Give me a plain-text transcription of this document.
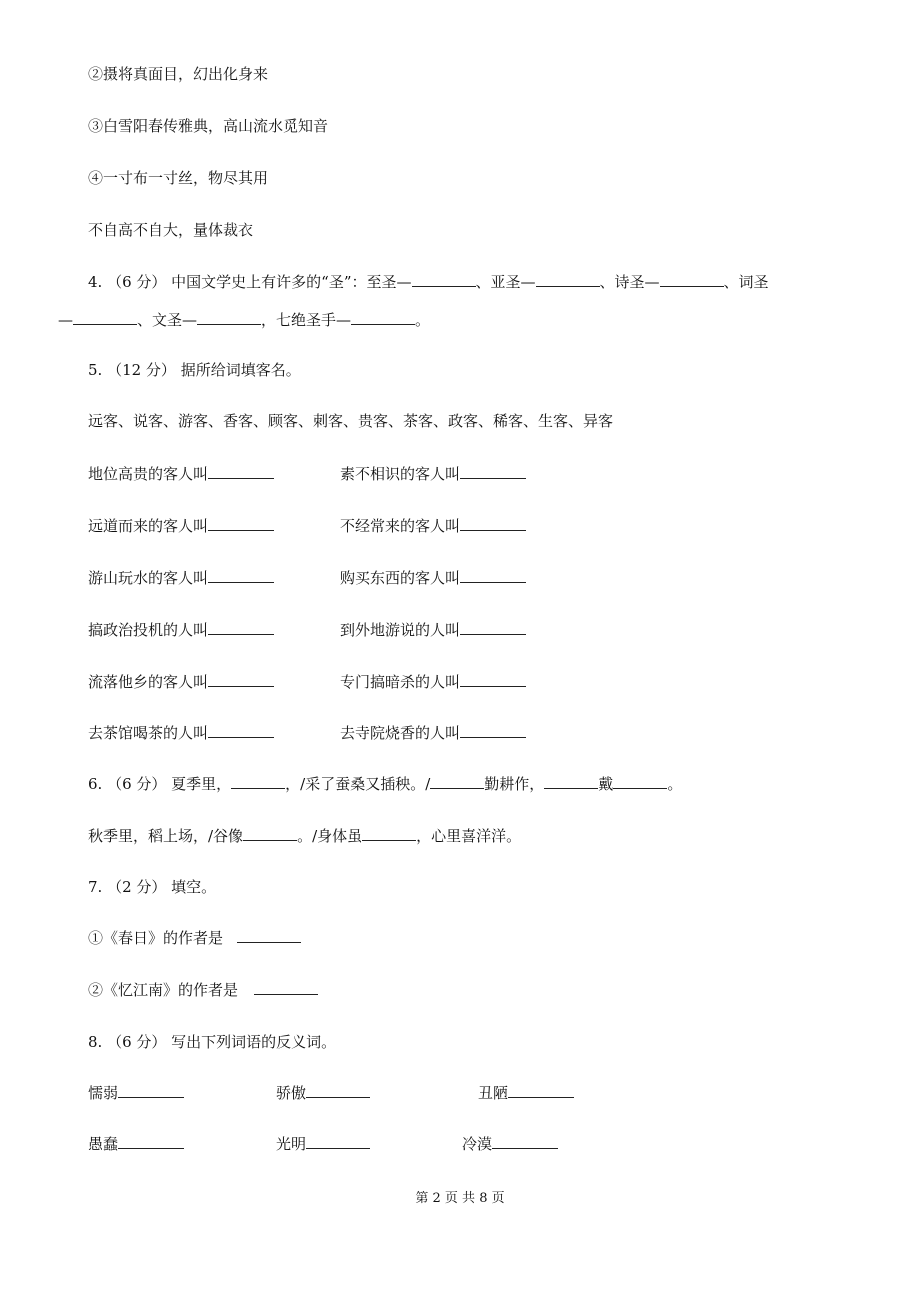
②摄将真面目，幻出化身来
③白雪阳春传雅典，高山流水觅知音
④一寸布一寸丝，物尽其用
不自高不自大，量体裁衣
4. （6 分） 中国文学史上有许多的“圣”：至圣—	、亚圣—	、诗圣—	、词圣
—	、文圣—	，七绝圣手—	。
5. （12 分） 据所给词填客名。
远客、说客、游客、香客、顾客、刺客、贵客、茶客、政客、稀客、生客、异客
地位高贵的客人叫	素不相识的客人叫
远道而来的客人叫	不经常来的客人叫
游山玩水的客人叫	购买东西的客人叫
搞政治投机的人叫	到外地游说的人叫
流落他乡的客人叫	专门搞暗杀的人叫
去茶馆喝茶的人叫	去寺院烧香的人叫
6. （6 分） 夏季里，	，/采了蚕桑又插秧。/	勤耕作，	戴	。
秋季里，稻上场，/谷像	。/身体虽	，心里喜洋洋。
7. （2 分） 填空。
①《春日》的作者是
②《忆江南》的作者是
8. （6 分） 写出下列词语的反义词。
懦弱	骄傲	丑陋
愚蠢	光明	冷漠
第 2 页 共 8 页
